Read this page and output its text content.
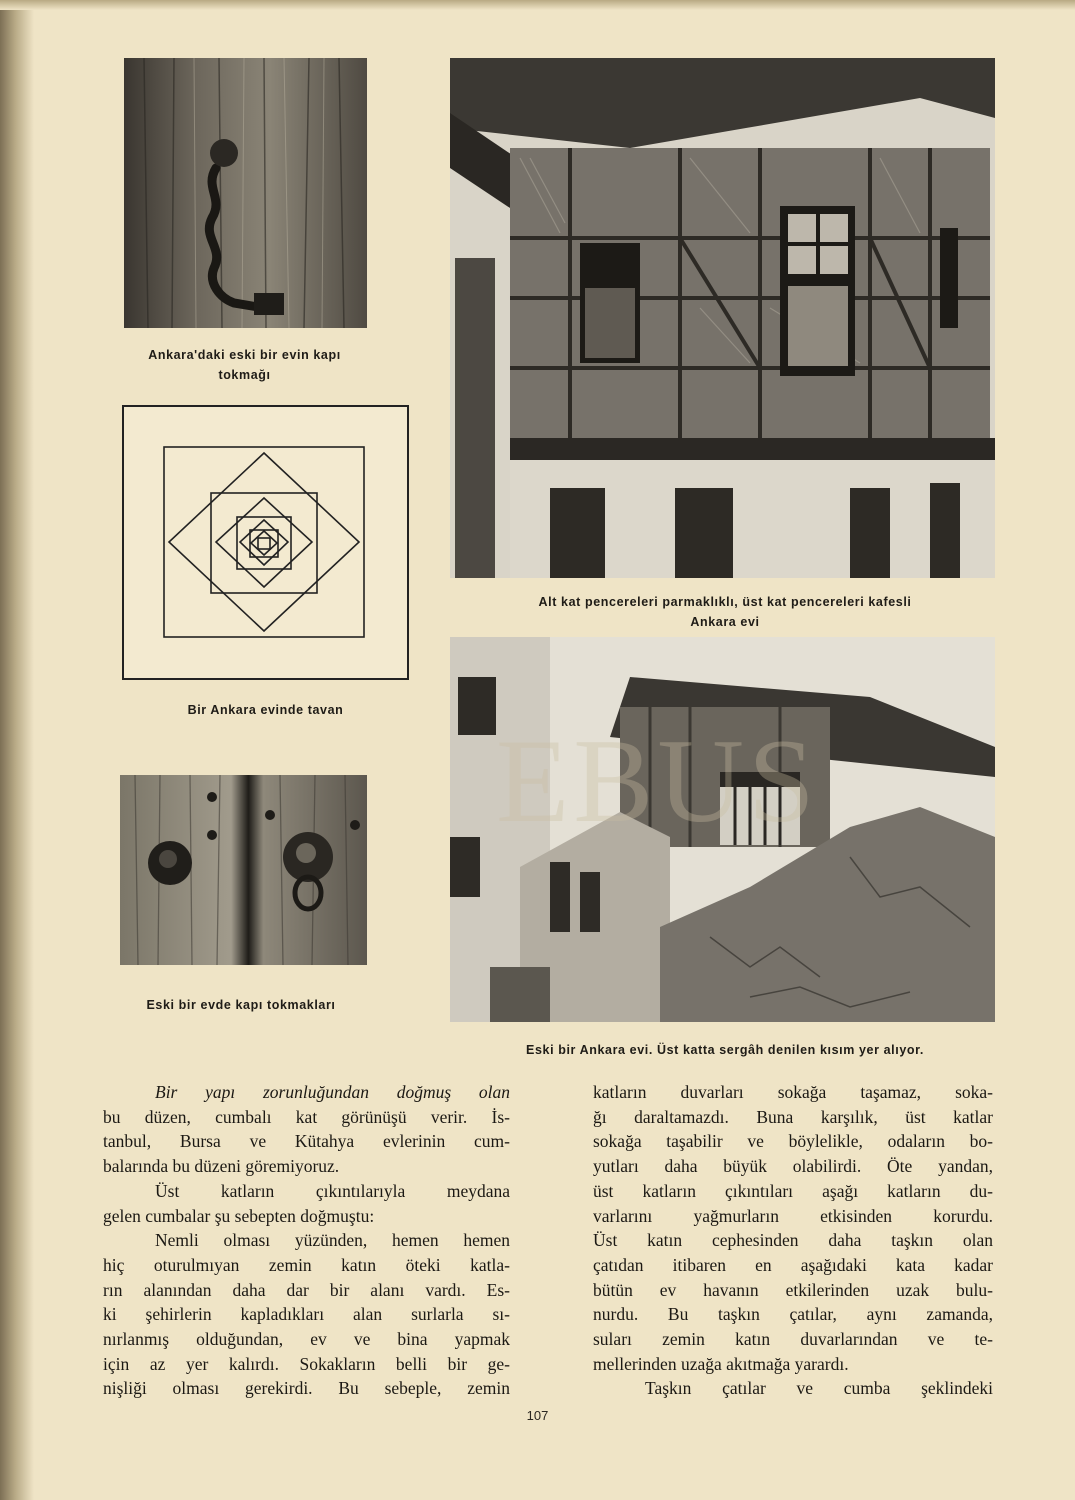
Ankara'daki eski bir evin kapı
tokmağı
Bir Ankara evinde tavan
Eski bir evde kapı tokmakları
Alt kat pencereleri parmaklıklı, üst kat pencereleri kafesli
Ankara evi
EBUS
Eski bir Ankara evi. Üst katta sergâh denilen kısım yer alıyor.
Bir yapı zorunluğundan doğmuş olan
bu düzen, cumbalı kat görünüşü verir. İs-
tanbul, Bursa ve Kütahya evlerinin cum-
balarında bu düzeni göremiyoruz.
Üst katların çıkıntılarıyla meydana
gelen cumbalar şu sebepten doğmuştu:
Nemli olması yüzünden, hemen hemen
hiç oturulmıyan zemin katın öteki katla-
rın alanından daha dar bir alanı vardı. Es-
ki şehirlerin kapladıkları alan surlarla sı-
nırlanmış olduğundan, ev ve bina yapmak
için az yer kalırdı. Sokakların belli bir ge-
nişliği olması gerekirdi. Bu sebeple, zemin
katların duvarları sokağa taşamaz, soka-
ğı daraltamazdı. Buna karşılık, üst katlar
sokağa taşabilir ve böylelikle, odaların bo-
yutları daha büyük olabilirdi. Öte yandan,
üst katların çıkıntıları aşağı katların du-
varlarını yağmurların etkisinden korurdu.
Üst katın cephesinden daha taşkın olan
çatıdan itibaren en aşağıdaki kata kadar
bütün ev havanın etkilerinden uzak bulu-
nurdu. Bu taşkın çatılar, aynı zamanda,
suları zemin katın duvarlarından ve te-
mellerinden uzağa akıtmağa yarardı.
Taşkın çatılar ve cumba şeklindeki
107
